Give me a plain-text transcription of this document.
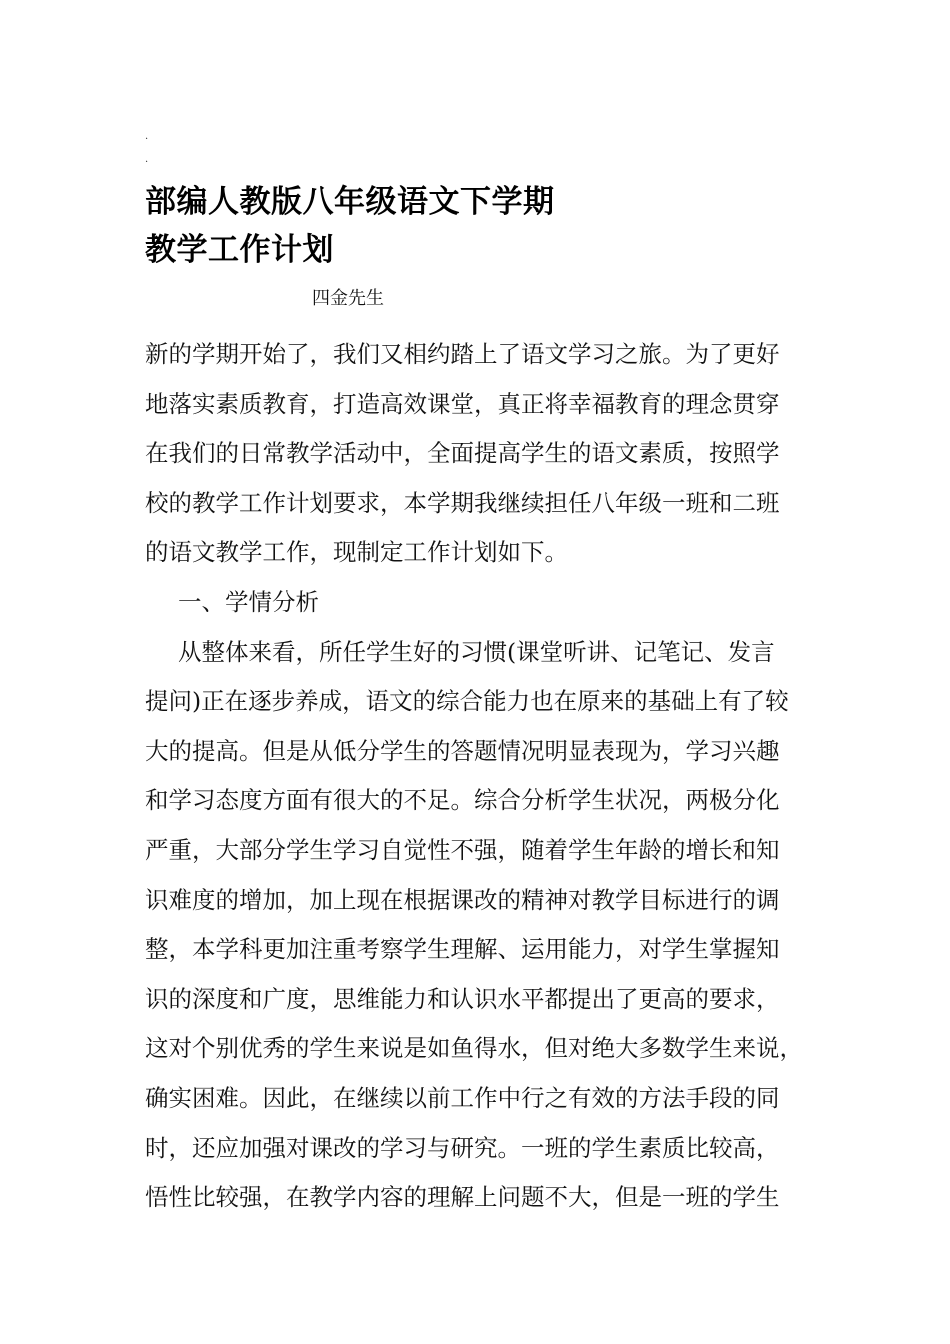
.
.
部编人教版八年级语文下学期
教学工作计划
四金先生
新的学期开始了，我们又相约踏上了语文学习之旅。为了更好
地落实素质教育，打造高效课堂，真正将幸福教育的理念贯穿
在我们的日常教学活动中，全面提高学生的语文素质，按照学
校的教学工作计划要求，本学期我继续担任八年级一班和二班
的语文教学工作，现制定工作计划如下。
一、学情分析
从整体来看，所任学生好的习惯(课堂听讲、记笔记、发言
提问)正在逐步养成，语文的综合能力也在原来的基础上有了较
大的提高。但是从低分学生的答题情况明显表现为，学习兴趣
和学习态度方面有很大的不足。综合分析学生状况，两极分化
严重，大部分学生学习自觉性不强，随着学生年龄的增长和知
识难度的增加，加上现在根据课改的精神对教学目标进行的调
整，本学科更加注重考察学生理解、运用能力，对学生掌握知
识的深度和广度，思维能力和认识水平都提出了更高的要求，
这对个别优秀的学生来说是如鱼得水，但对绝大多数学生来说，
确实困难。因此，在继续以前工作中行之有效的方法手段的同
时，还应加强对课改的学习与研究。一班的学生素质比较高，
悟性比较强，在教学内容的理解上问题不大，但是一班的学生
